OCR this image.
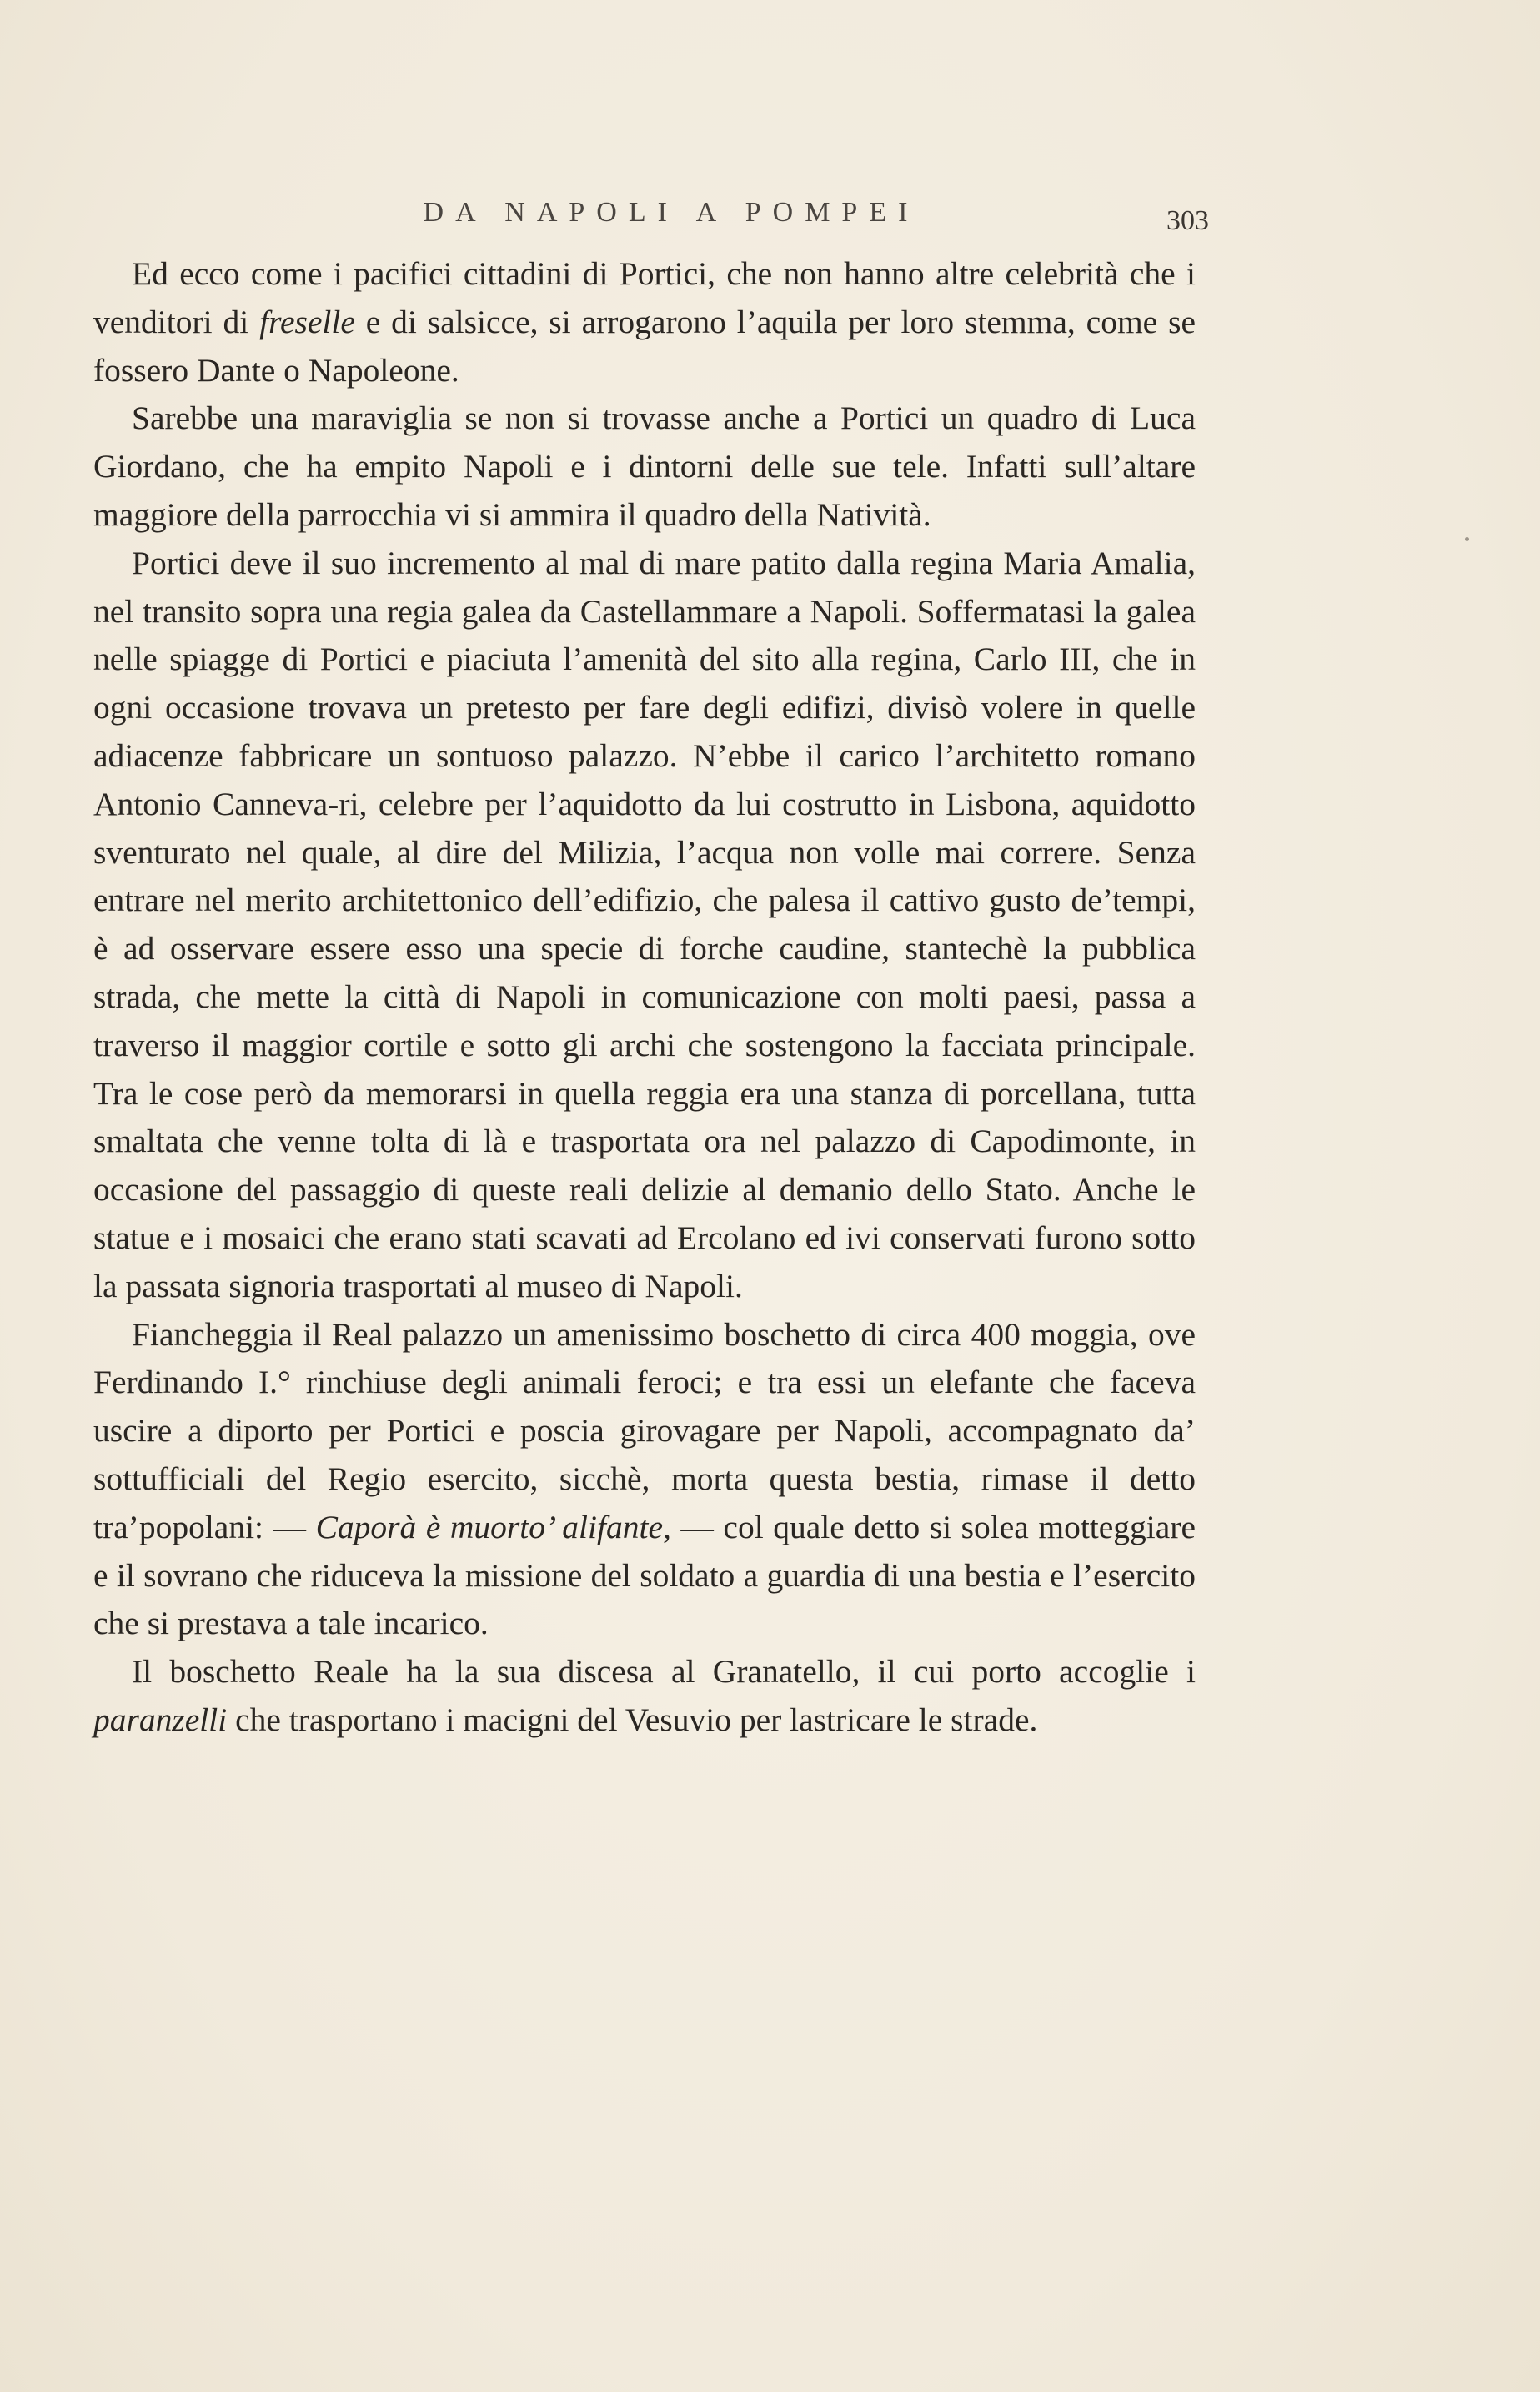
DA NAPOLI A POMPEI	303

Ed ecco come i pacifici cittadini di Portici, che non hanno altre celebrità che i venditori di freselle e di salsicce, si arrogarono l’aquila per loro stemma, come se fossero Dante o Napoleone.

Sarebbe una maraviglia se non si trovasse anche a Portici un quadro di Luca Giordano, che ha empito Napoli e i dintorni delle sue tele. Infatti sull’altare maggiore della parrocchia vi si ammira il quadro della Natività.

Portici deve il suo incremento al mal di mare patito dalla regina Maria Amalia, nel transito sopra una regia galea da Castellammare a Napoli. Soffermatasi la galea nelle spiagge di Portici e piaciuta l’amenità del sito alla regina, Carlo III, che in ogni occasione trovava un pretesto per fare degli edifizi, divisò volere in quelle adiacenze fabbricare un sontuoso palazzo. N’ebbe il carico l’architetto romano Antonio Canneva-ri, celebre per l’aquidotto da lui costrutto in Lisbona, aquidotto sventurato nel quale, al dire del Milizia, l’acqua non volle mai correre. Senza entrare nel merito architettonico dell’edifizio, che palesa il cattivo gusto de’tempi, è ad osservare essere esso una specie di forche caudine, stantechè la pubblica strada, che mette la città di Napoli in comunicazione con molti paesi, passa a traverso il maggior cortile e sotto gli archi che sostengono la facciata principale. Tra le cose però da memorarsi in quella reggia era una stanza di porcellana, tutta smaltata che venne tolta di là e trasportata ora nel palazzo di Capodimonte, in occasione del passaggio di queste reali delizie al demanio dello Stato. Anche le statue e i mosaici che erano stati scavati ad Ercolano ed ivi conservati furono sotto la passata signoria trasportati al museo di Napoli.

Fiancheggia il Real palazzo un amenissimo boschetto di circa 400 moggia, ove Ferdinando I.° rinchiuse degli animali feroci; e tra essi un elefante che faceva uscire a diporto per Portici e poscia girovagare per Napoli, accompagnato da’ sottufficiali del Regio esercito, sicchè, morta questa bestia, rimase il detto tra’popolani: — Caporà è muorto’ alifante, — col quale detto si solea motteggiare e il sovrano che riduceva la missione del soldato a guardia di una bestia e l’esercito che si prestava a tale incarico.

Il boschetto Reale ha la sua discesa al Granatello, il cui porto accoglie i paranzelli che trasportano i macigni del Vesuvio per lastricare le strade.
